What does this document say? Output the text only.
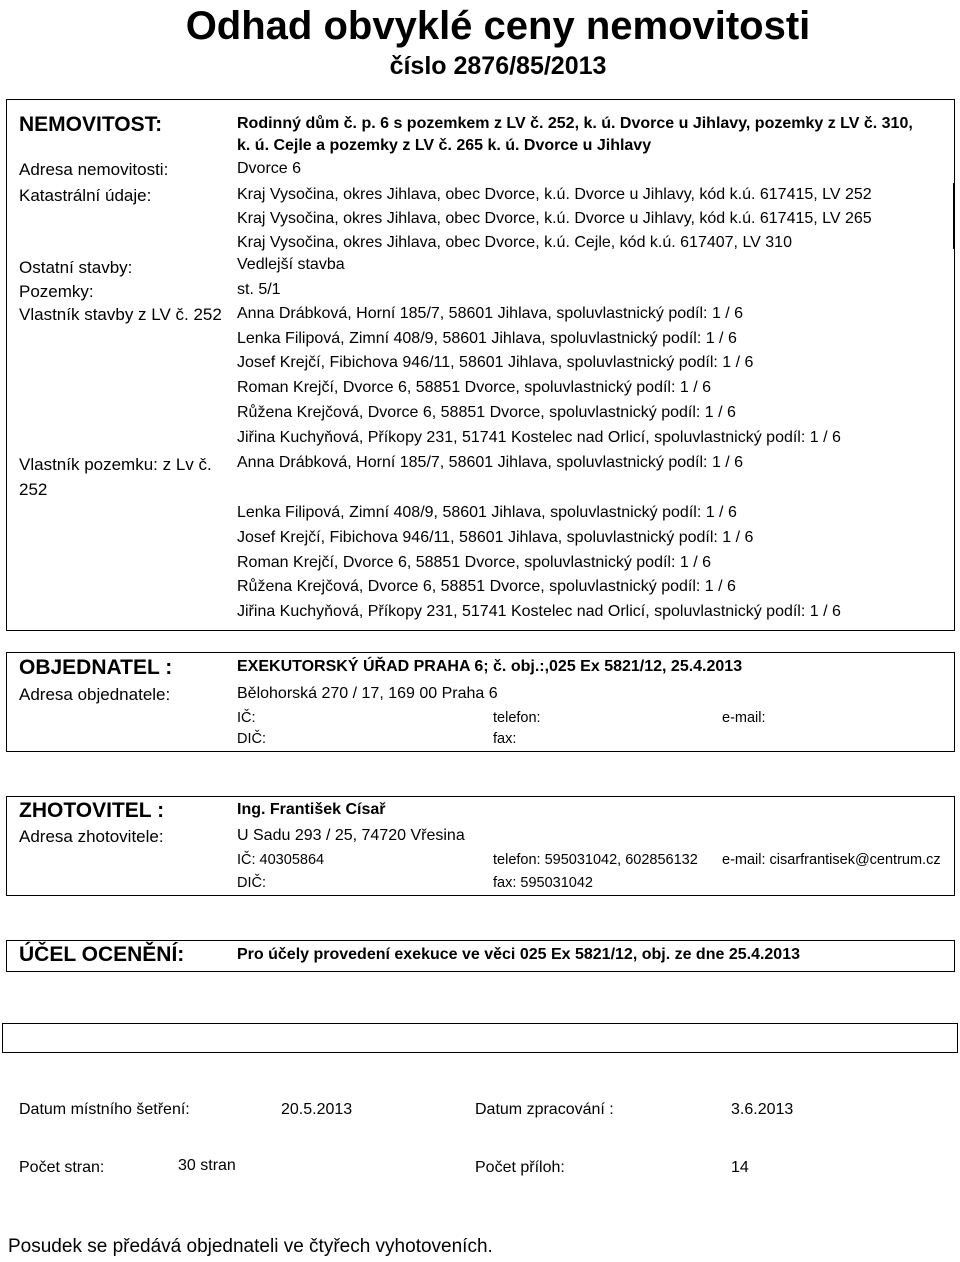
Odhad obvyklé ceny nemovitosti
číslo 2876/85/2013
NEMOVITOST:	Rodinný dům č. p. 6 s pozemkem z LV č. 252, k. ú. Dvorce u Jihlavy, pozemky z LV č. 310,
k. ú. Cejle a pozemky z LV č. 265 k. ú. Dvorce u Jihlavy
Adresa nemovitosti:	Dvorce 6
Katastrální údaje:	Kraj Vysočina, okres Jihlava, obec Dvorce, k.ú. Dvorce u Jihlavy, kód k.ú. 617415, LV 252
Kraj Vysočina, okres Jihlava, obec Dvorce, k.ú. Dvorce u Jihlavy, kód k.ú. 617415, LV 265
Kraj Vysočina, okres Jihlava, obec Dvorce, k.ú. Cejle, kód k.ú. 617407, LV 310
Ostatní stavby:	Vedlejší stavba
Pozemky:	st. 5/1
Vlastník stavby z LV č. 252 Anna Drábková, Horní 185/7, 58601 Jihlava, spoluvlastnický podíl: 1 / 6
Lenka Filipová, Zimní 408/9, 58601 Jihlava, spoluvlastnický podíl: 1 / 6
Josef Krejčí, Fibichova 946/11, 58601 Jihlava, spoluvlastnický podíl: 1 / 6
Roman Krejčí, Dvorce 6, 58851 Dvorce, spoluvlastnický podíl: 1 / 6
Růžena Krejčová, Dvorce 6, 58851 Dvorce, spoluvlastnický podíl: 1 / 6
Jiřina Kuchyňová, Příkopy 231, 51741 Kostelec nad Orlicí, spoluvlastnický podíl: 1 / 6
Vlastník pozemku: z Lv č.
252
Anna Drábková, Horní 185/7, 58601 Jihlava, spoluvlastnický podíl: 1 / 6
Lenka Filipová, Zimní 408/9, 58601 Jihlava, spoluvlastnický podíl: 1 / 6
Josef Krejčí, Fibichova 946/11, 58601 Jihlava, spoluvlastnický podíl: 1 / 6
Roman Krejčí, Dvorce 6, 58851 Dvorce, spoluvlastnický podíl: 1 / 6
Růžena Krejčová, Dvorce 6, 58851 Dvorce, spoluvlastnický podíl: 1 / 6
Jiřina Kuchyňová, Příkopy 231, 51741 Kostelec nad Orlicí, spoluvlastnický podíl: 1 / 6
OBJEDNATEL :	EXEKUTORSKÝ ÚŘAD PRAHA 6; č. obj.:,025 Ex 5821/12, 25.4.2013
Adresa objednatele:	Bělohorská 270 / 17, 169 00 Praha 6
IČ:	telefon:	e-mail:
DIČ:	fax:
ZHOTOVITEL :	Ing. František Císař
Adresa zhotovitele:	U Sadu 293 / 25, 74720 Vřesina
IČ: 40305864	telefon: 595031042, 602856132 e-mail: cisarfrantisek@centrum.cz
DIČ:	fax: 595031042
ÚČEL OCENĚNÍ:	Pro účely provedení exekuce ve věci 025 Ex 5821/12, obj. ze dne 25.4.2013
Datum místního šetření:	20.5.2013	Datum zpracování :	3.6.2013
Počet stran:	30 stran	Počet příloh:	14
Posudek se předává objednateli ve čtyřech vyhotoveních.
